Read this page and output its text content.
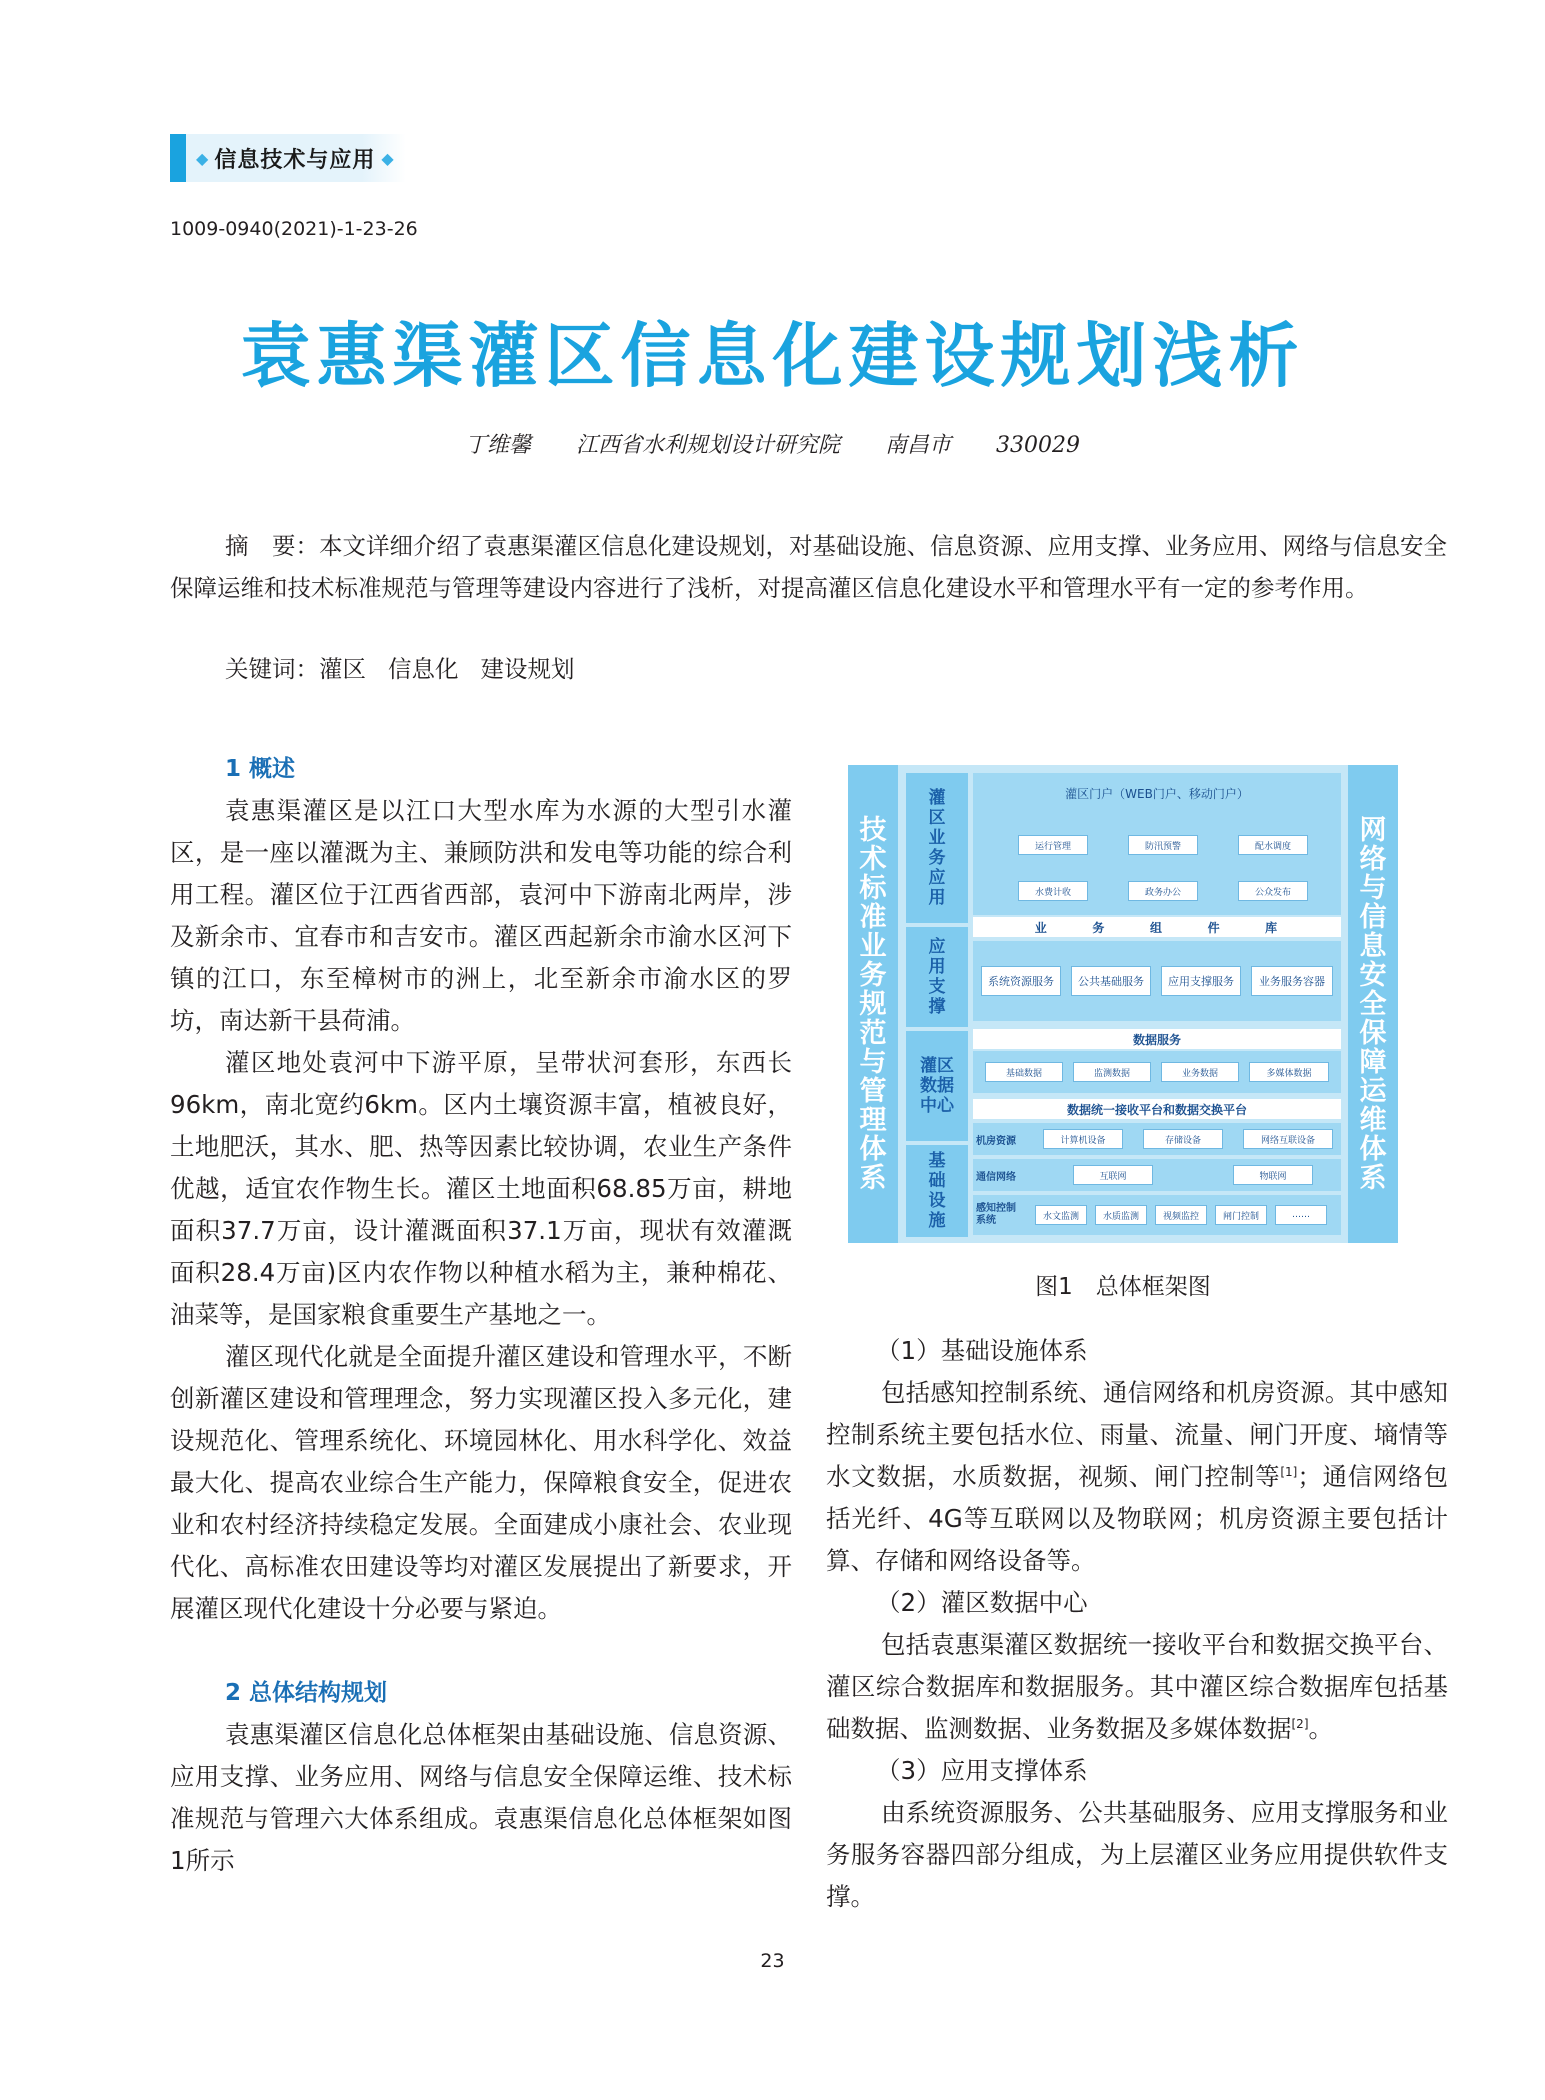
◆ 信息技术与应用 ◆
1009-0940(2021)-1-23-26
袁惠渠灌区信息化建设规划浅析
丁维馨 江西省水利规划设计研究院 南昌市 330029
摘　要：本文详细介绍了袁惠渠灌区信息化建设规划，对基础设施、信息资源、应用支撑、业务应用、网络与信息安全保障运维和技术标准规范与管理等建设内容进行了浅析，对提高灌区信息化建设水平和管理水平有一定的参考作用。
关键词：灌区 信息化 建设规划
1 概述

袁惠渠灌区是以江口大型水库为水源的大型引水灌区，是一座以灌溉为主、兼顾防洪和发电等功能的综合利用工程。灌区位于江西省西部，袁河中下游南北两岸，涉及新余市、宜春市和吉安市。灌区西起新余市渝水区河下镇的江口，东至樟树市的洲上，北至新余市渝水区的罗坊，南达新干县荷浦。

灌区地处袁河中下游平原，呈带状河套形，东西长96km，南北宽约6km。区内土壤资源丰富，植被良好，土地肥沃，其水、肥、热等因素比较协调，农业生产条件优越，适宜农作物生长。灌区土地面积68.85万亩，耕地面积37.7万亩，设计灌溉面积37.1万亩，现状有效灌溉面积28.4万亩)区内农作物以种植水稻为主，兼种棉花、油菜等，是国家粮食重要生产基地之一。

灌区现代化就是全面提升灌区建设和管理水平，不断创新灌区建设和管理理念，努力实现灌区投入多元化，建设规范化、管理系统化、环境园林化、用水科学化、效益最大化、提高农业综合生产能力，保障粮食安全，促进农业和农村经济持续稳定发展。全面建成小康社会、农业现代化、高标准农田建设等均对灌区发展提出了新要求，开展灌区现代化建设十分必要与紧迫。

2 总体结构规划

袁惠渠灌区信息化总体框架由基础设施、信息资源、应用支撑、业务应用、网络与信息安全保障运维、技术标准规范与管理六大体系组成。袁惠渠信息化总体框架如图1所示

技
术
标
准
业
务
规
范
与
管
理
体
系
网
络
与
信
息
安
全
保
障
运
维
体
系
灌
区
业
务
应
用
应
用
支
撑
灌区
数据
中心
基
础
设
施
灌区门户（WEB门户、移动门户）
运行管理	防汛预警	配水调度
水费计收	政务办公	公众发布
业	务	组	件	库
系统资源服务	公共基础服务	应用支撑服务	业务服务容器
数据服务
基础数据	监测数据	业务数据	多媒体数据
数据统一接收平台和数据交换平台
计算机设备	存储设备	网络互联设备
机房资源
互联网	物联网
通信网络
水文监测	水质监测	视频监控	闸门控制	……
感知控制系统
图1　总体框架图
（1）基础设施体系

包括感知控制系统、通信网络和机房资源。其中感知控制系统主要包括水位、雨量、流量、闸门开度、墒情等水文数据，水质数据，视频、闸门控制等[1]；通信网络包括光纤、4G等互联网以及物联网；机房资源主要包括计算、存储和网络设备等。

（2）灌区数据中心

包括袁惠渠灌区数据统一接收平台和数据交换平台、灌区综合数据库和数据服务。其中灌区综合数据库包括基础数据、监测数据、业务数据及多媒体数据[2]。

（3）应用支撑体系

由系统资源服务、公共基础服务、应用支撑服务和业务服务容器四部分组成，为上层灌区业务应用提供软件支撑。

23
